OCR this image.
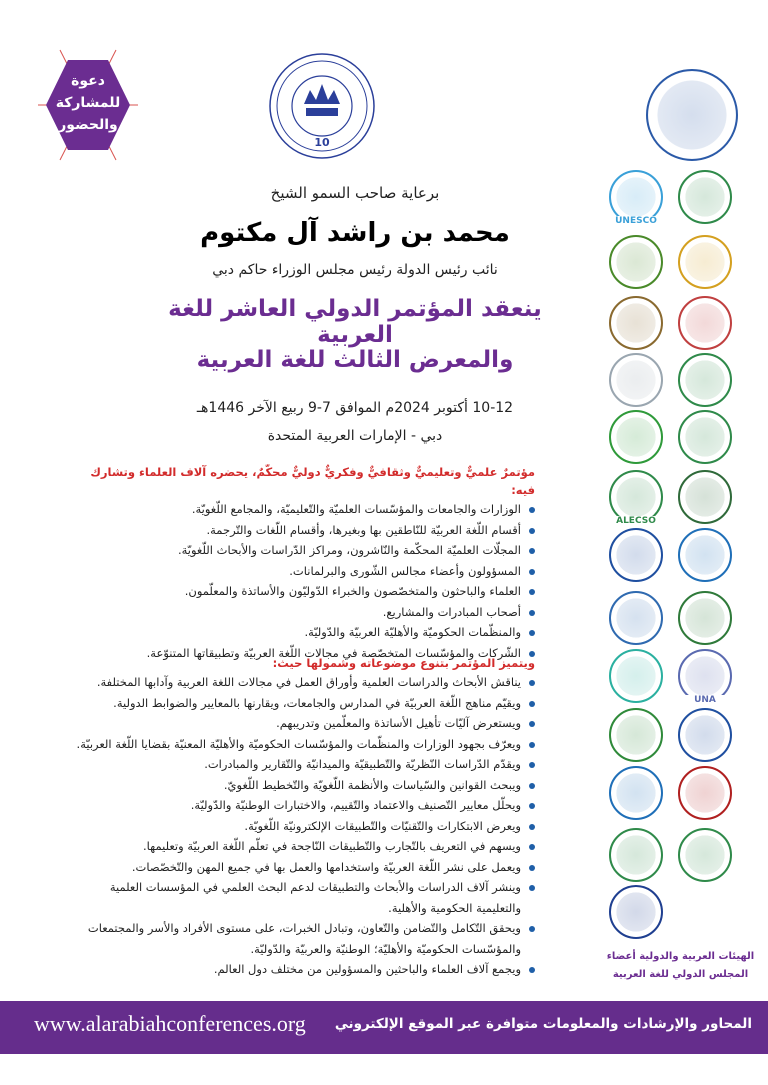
دعوة
للمشاركة
والحضور
10
برعاية صاحب السمو الشيخ
محمد بن راشد آل مكتوم
نائب رئيس الدولة رئيس مجلس الوزراء حاكم دبي
ينعقد المؤتمر الدولي العاشر للغة العربية
والمعرض الثالث للغة العربية
10-12 أكتوبر 2024م الموافق 7-9 ربيع الآخر 1446هـ
دبي - الإمارات العربية المتحدة
مؤتمرٌ علميٌّ وتعليميٌّ وثقافيٌّ وفكريٌّ دوليٌّ محكّمٌ، يحضره آلاف العلماء وتشارك فيه:
الوزارات والجامعات والمؤسّسات العلميّة والتّعليميّة، والمجامع اللّغويّة.
أقسام اللّغة العربيّة للنّاطقين بها وبغيرها، وأقسام اللّغات والتّرجمة.
المجلّات العلميّة المحكّمة والنّاشرون، ومراكز الدّراسات والأبحاث اللّغويّة.
المسؤولون وأعضاء مجالس الشّورى والبرلمانات.
العلماء والباحثون والمتخصّصون والخبراء الدّوليّون والأساتذة والمعلّمون.
أصحاب المبادرات والمشاريع.
والمنظّمات الحكوميّة والأهليّة العربيّة والدّوليّة.
الشّركات والمؤسّسات المتخصّصة في مجالات اللّغة العربيّة وتطبيقاتها المتنوّعة.
ويتميز المؤتمر بتنوع موضوعاته وشمولها حيث:
يناقش الأبحاث والدراسات العلمية وأوراق العمل في مجالات اللغة العربية وآدابها المختلفة.
ويقيّم مناهج اللّغة العربيّة في المدارس والجامعات، ويقارنها بالمعايير والضوابط الدولية.
ويستعرض آليّات تأهيل الأساتذة والمعلّمين وتدريبهم.
ويعرّف بجهود الوزارات والمنظّمات والمؤسّسات الحكوميّة والأهليّة المعنيّة بقضايا اللّغة العربيّة.
ويقدّم الدّراسات النّظريّة والتّطبيقيّة والميدانيّة والتّقارير والمبادرات.
ويبحث القوانين والسّياسات والأنظمة اللّغويّة والتّخطيط اللّغويّ.
ويحلّل معايير التّصنيف والاعتماد والتّقييم، والاختبارات الوطنيّة والدّوليّة.
ويعرض الابتكارات والتّقنيّات والتّطبيقات الإلكترونيّة اللّغويّة.
ويسهم في التعريف بالتّجارب والتّطبيقات النّاجحة في تعلّم اللّغة العربيّة وتعليمها.
ويعمل على نشر اللّغة العربيّة واستخدامها والعمل بها في جميع المهن والتّخصّصات.
وينشر آلاف الدراسات والأبحاث والتطبيقات لدعم البحث العلمي في المؤسسات العلمية والتعليمية الحكومية والأهلية.
ويحقق التّكامل والتّضامن والتّعاون، وتبادل الخبرات، على مستوى الأفراد والأسر والمجتمعات والمؤسّسات الحكوميّة والأهليّة؛ الوطنيّة والعربيّة والدّوليّة.
ويجمع آلاف العلماء والباحثين والمسؤولين من مختلف دول العالم.
UNESCO
ALECSO
UNA
الهيئات العربية والدولية أعضاء
المجلس الدولي للغة العربية
www.alarabiahconferences.org المحاور والإرشادات والمعلومات متوافرة عبر الموقع الإلكتروني
